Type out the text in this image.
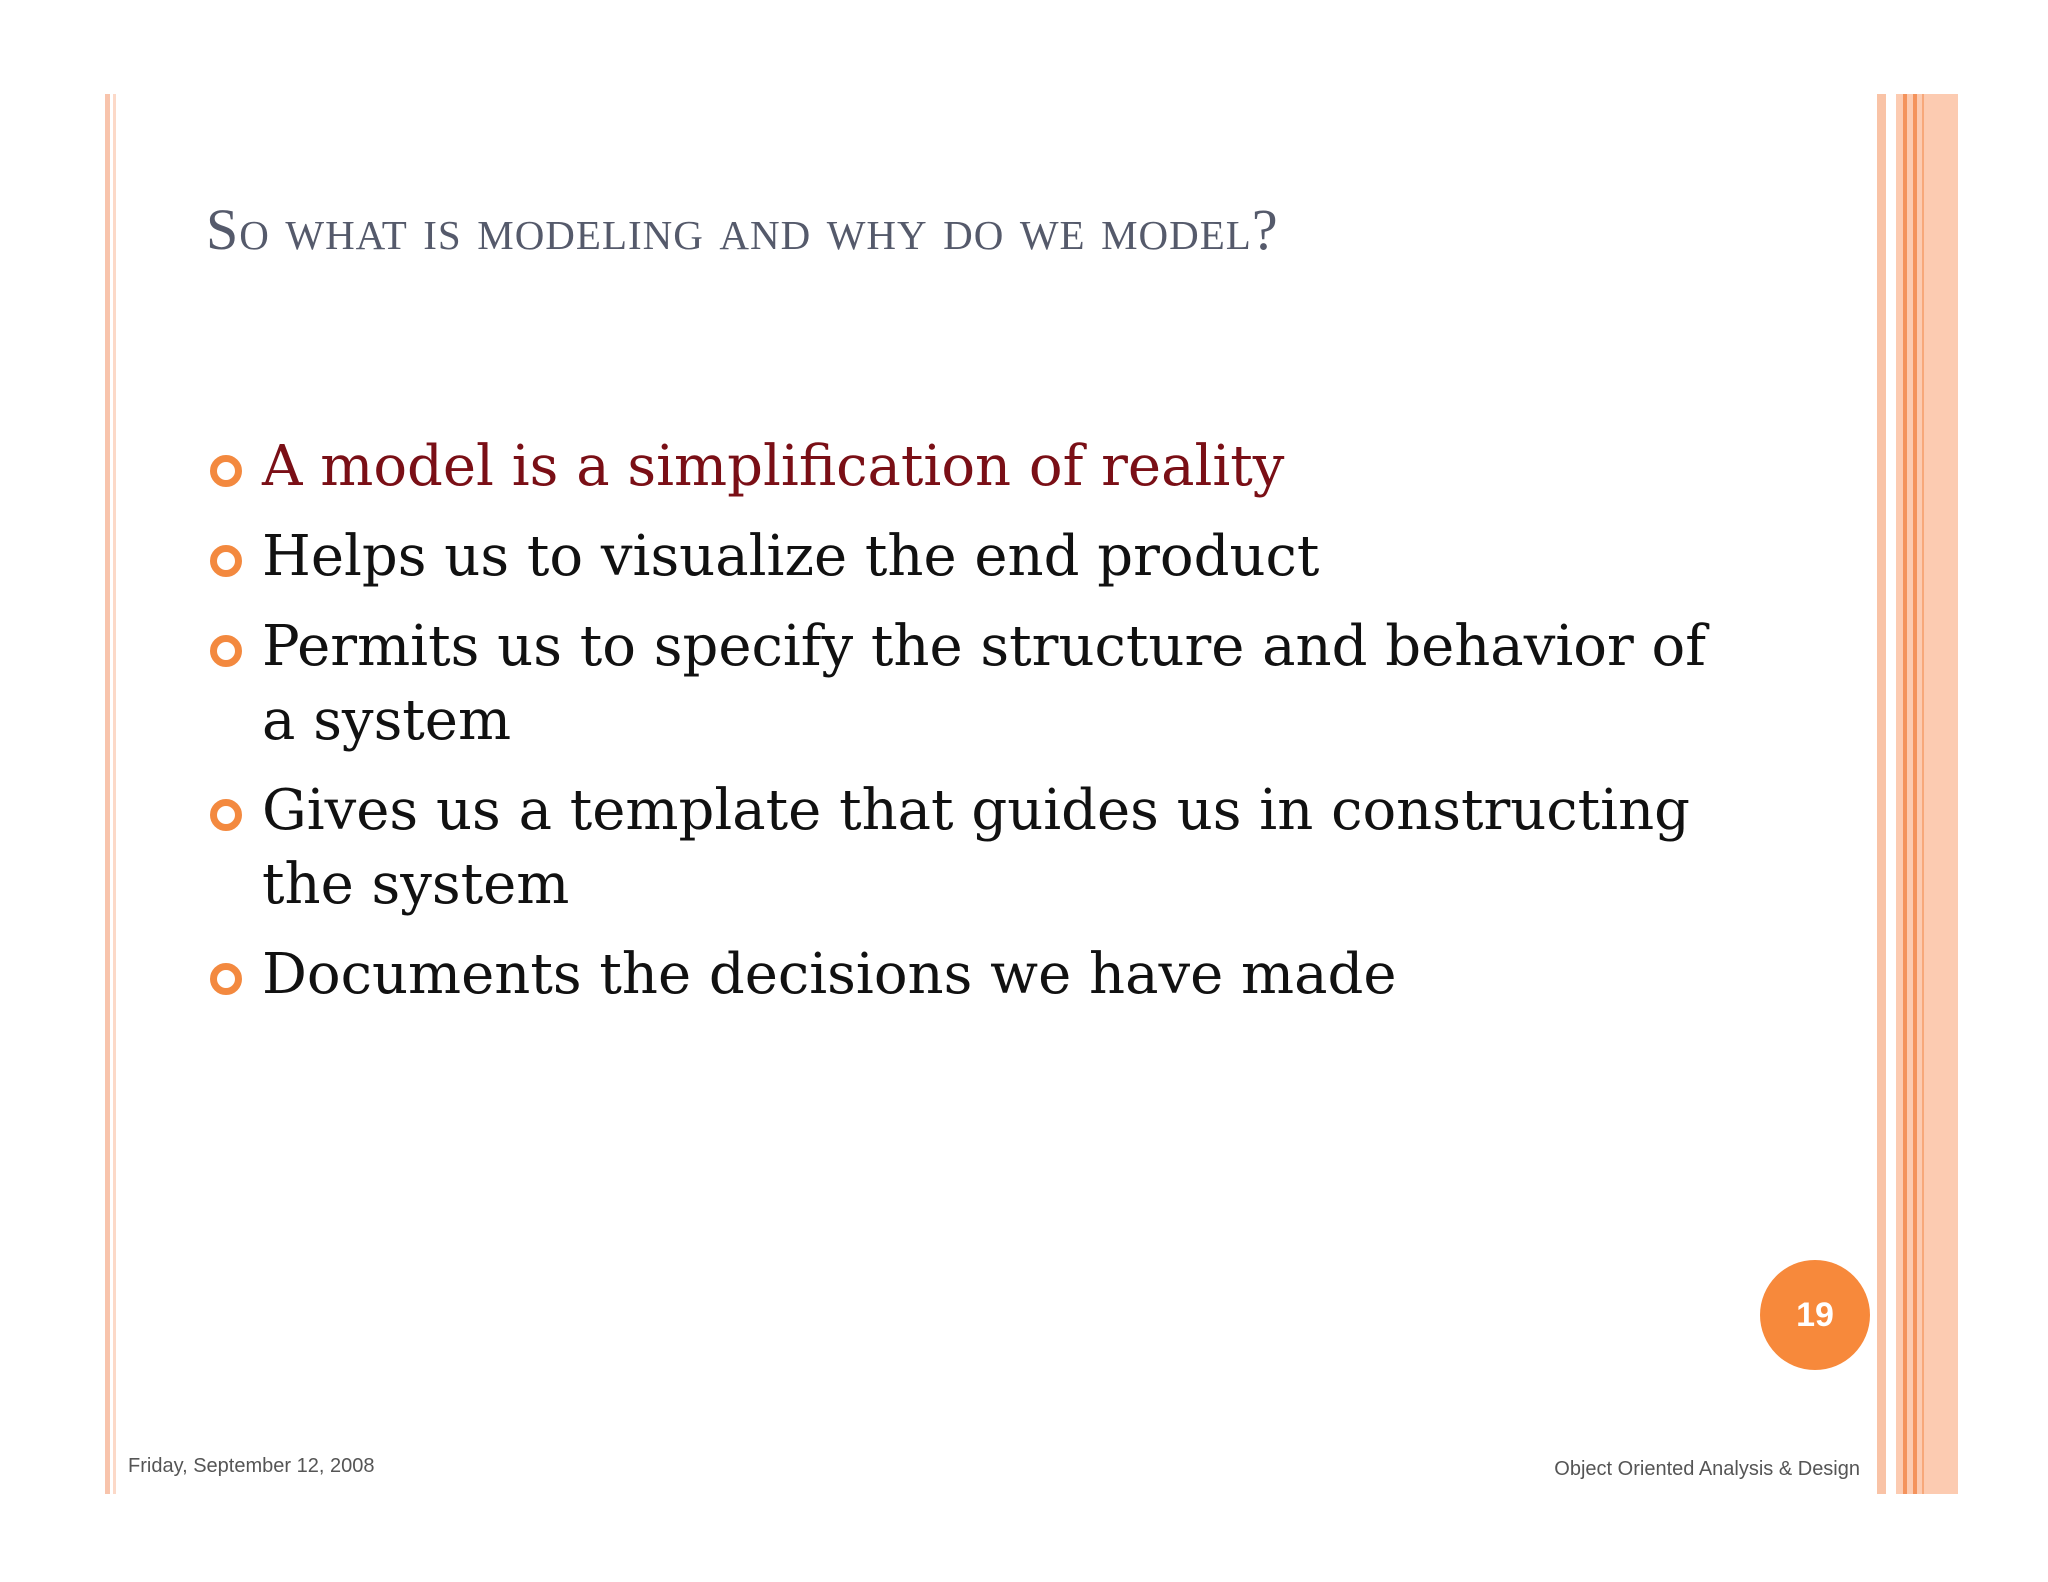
So what is modeling and why do we model?
A model is a simplification of reality
Helps us to visualize the end product
Permits us to specify the structure and behavior of a system
Gives us a template that guides us in constructing the system
Documents the decisions we have made
19
Friday, September 12, 2008	Object Oriented Analysis & Design
